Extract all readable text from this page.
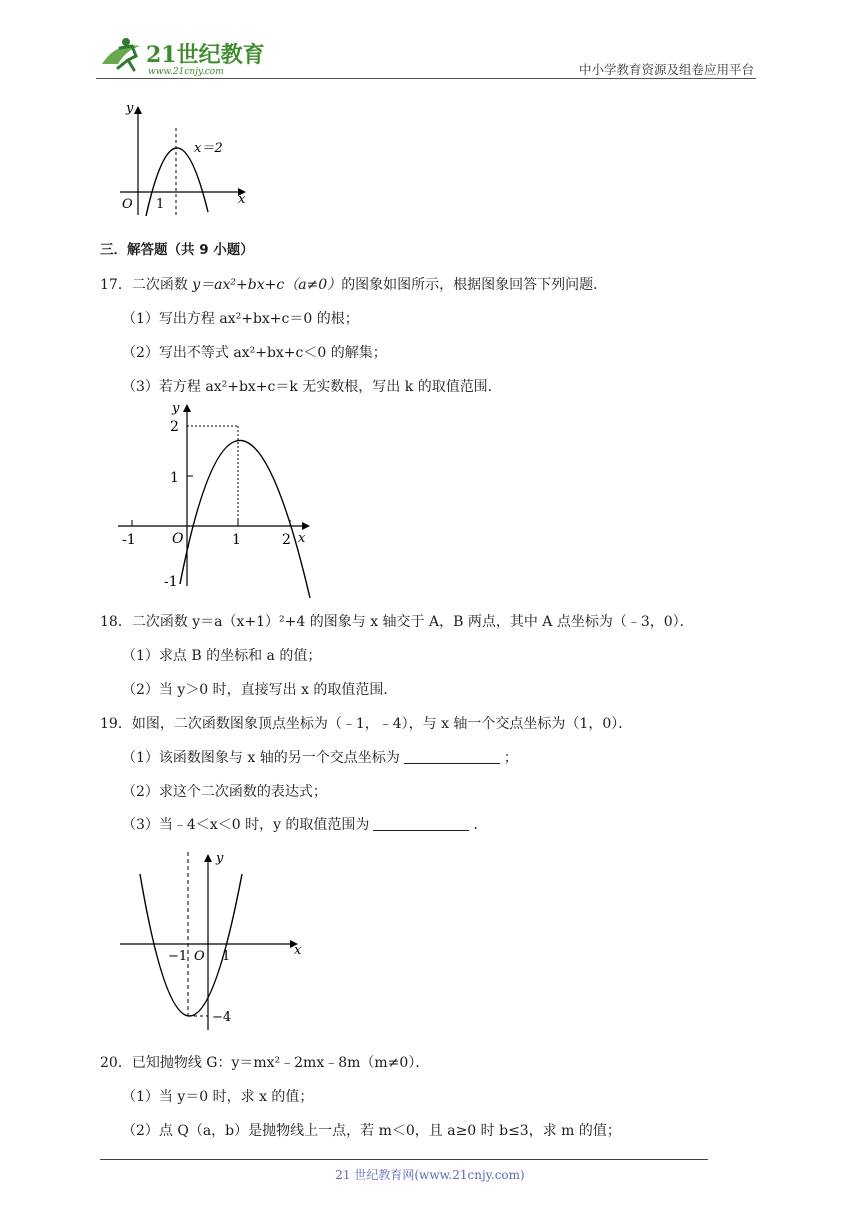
21世纪教育
www.21cnjy.com	中小学教育资源及组卷应用平台
y
x
O 1
x＝2
三．解答题（共 9 小题）
17．二次函数 y＝ax²+bx+c（a≠0）的图象如图所示，根据图象回答下列问题．
（1）写出方程 ax²+bx+c＝0 的根；
（2）写出不等式 ax²+bx+c＜0 的解集；
（3）若方程 ax²+bx+c＝k 无实数根，写出 k 的取值范围．
y
x
O
-1	1	2
2
1
-1
18．二次函数 y＝a（x+1）²+4 的图象与 x 轴交于 A，B 两点，其中 A 点坐标为（﹣3，0）．
（1）求点 B 的坐标和 a 的值；
（2）当 y＞0 时，直接写出 x 的取值范围．
19．如图，二次函数图象顶点坐标为（﹣1，﹣4），与 x 轴一个交点坐标为（1，0）．
（1）该函数图象与 x 轴的另一个交点坐标为	；
（2）求这个二次函数的表达式；
（3）当﹣4＜x＜0 时，y 的取值范围为	．
y
x
O
−1	1
−4
20．已知抛物线 G：y＝mx²﹣2mx﹣8m（m≠0）．
（1）当 y＝0 时，求 x 的值；
（2）点 Q（a，b）是抛物线上一点，若 m＜0，且 a≥0 时 b≤3，求 m 的值；
21 世纪教育网(www.21cnjy.com)
